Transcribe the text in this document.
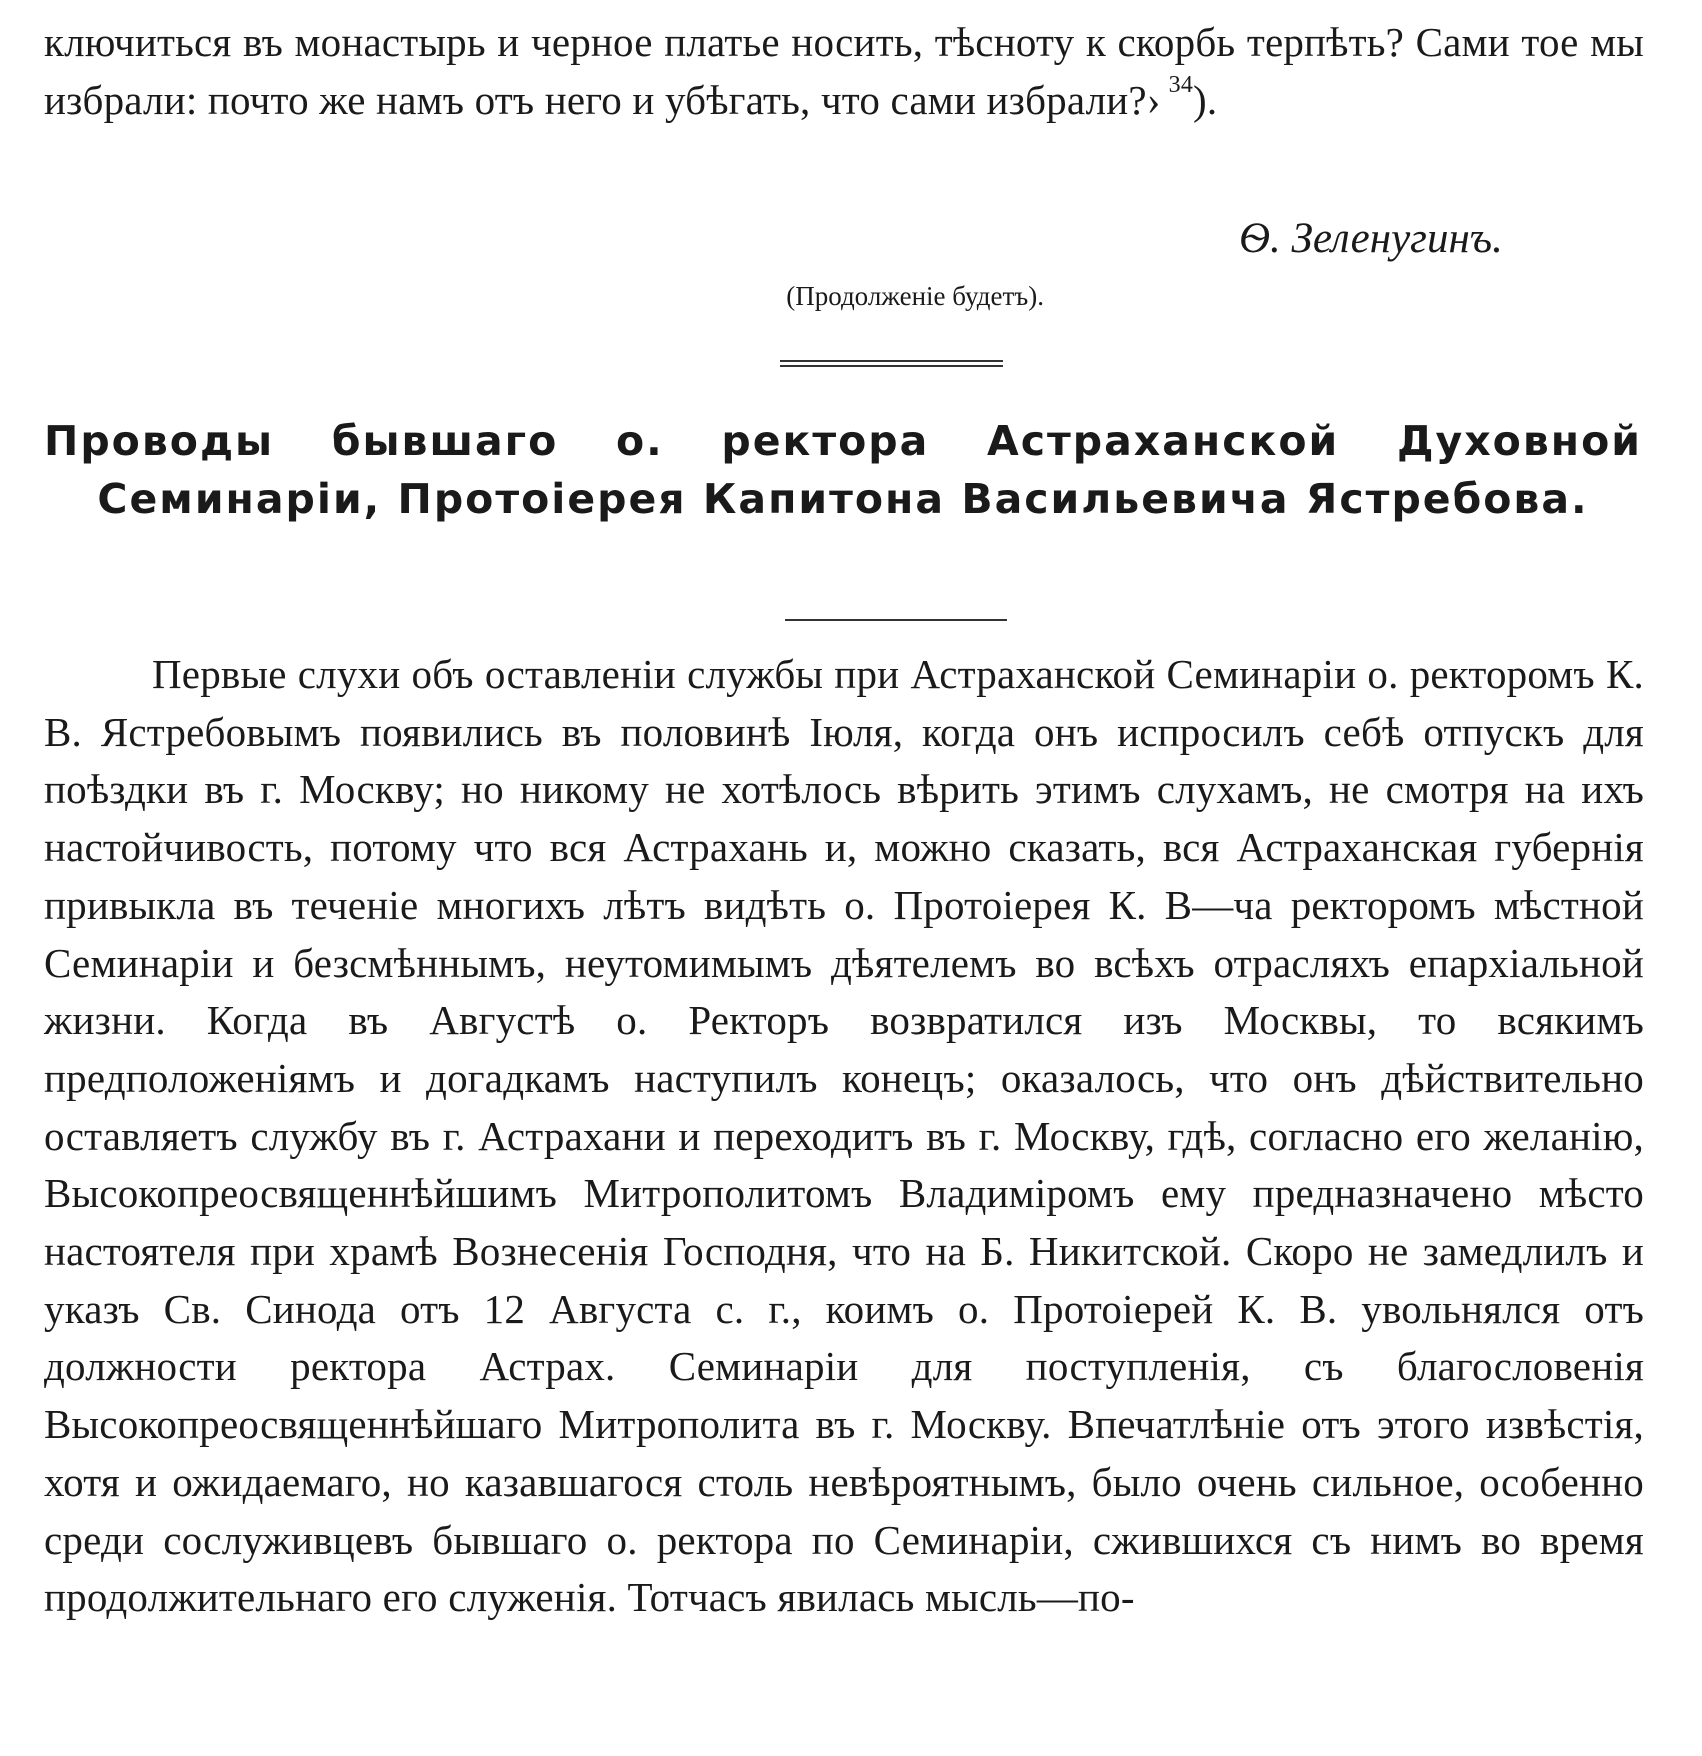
ключиться въ монастырь и черное платье носить, тѣсноту к скорбь терпѣть? Сами тое мы избрали: почто же намъ отъ него и убѣгать, что сами избрали?› $^{34}$).

Ѳ. Зеленугинъ.
(Продолженіе будетъ).
Проводы бывшаго о. ректора Астраханской Духовной Семинаріи, Протоіерея Капитона Васильевича Ястребова.

Первые слухи объ оставленіи службы при Астраханской Семинаріи о. ректоромъ К. В. Ястребовымъ появились въ половинѣ Іюля, когда онъ испросилъ себѣ отпускъ для поѣздки въ г. Москву; но никому не хотѣлось вѣрить этимъ слухамъ, не смотря на ихъ настойчивость, потому что вся Астрахань и, можно сказать, вся Астраханская губернія привыкла въ теченіе многихъ лѣтъ видѣть о. Протоіерея К. В—ча ректоромъ мѣстной Семинаріи и безсмѣннымъ, неутомимымъ дѣятелемъ во всѣхъ отрасляхъ епархіальной жизни. Когда въ Августѣ о. Ректоръ возвратился изъ Москвы, то всякимъ предположеніямъ и догадкамъ наступилъ конецъ; оказалось, что онъ дѣйствительно оставляетъ службу въ г. Астрахани и переходитъ въ г. Москву, гдѣ, согласно его желанію, Высокопреосвященнѣйшимъ Митрополитомъ Владиміромъ ему предназначено мѣсто настоятеля при храмѣ Вознесенія Господня, что на Б. Никитской. Скоро не замедлилъ и указъ Св. Синода отъ 12 Августа с. г., коимъ о. Протоіерей К. В. увольнялся отъ должности ректора Астрах. Семинаріи для поступленія, съ благословенія Высокопреосвященнѣйшаго Митрополита въ г. Москву. Впечатлѣніе отъ этого извѣстія, хотя и ожидаемаго, но казавшагося столь невѣроятнымъ, было очень сильное, особенно среди сослуживцевъ бывшаго о. ректора по Семинаріи, сжившихся съ нимъ во время продолжительнаго его служенія. Тотчасъ явилась мысль—по-
